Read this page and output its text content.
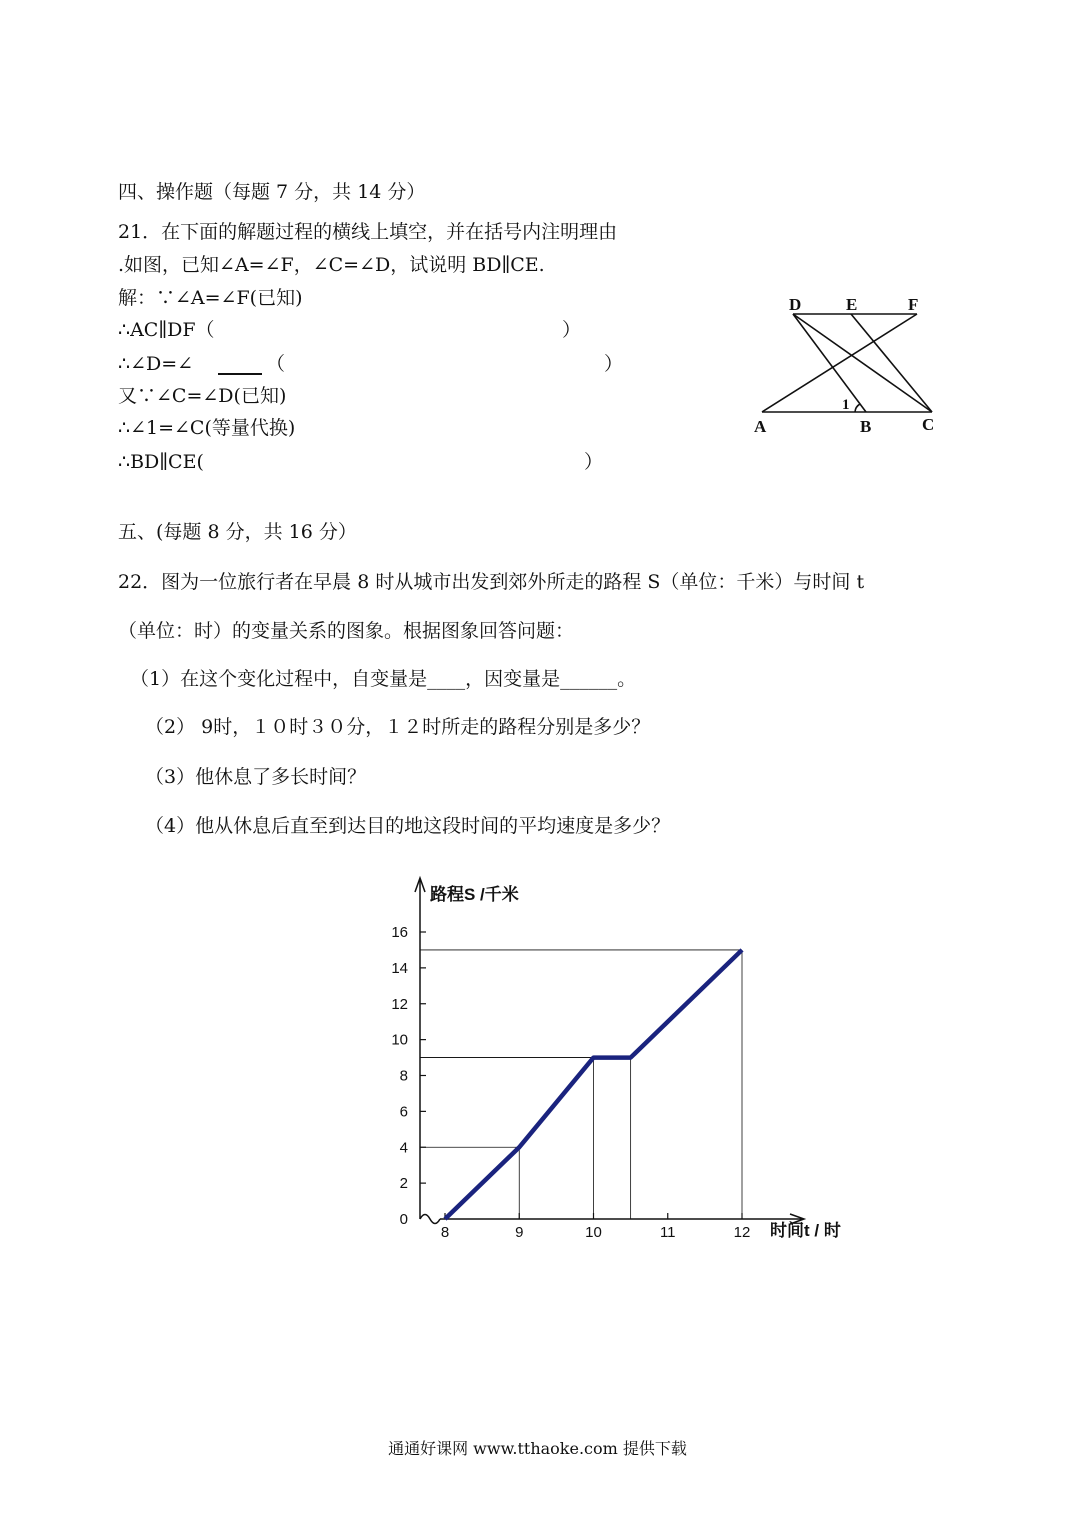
四、操作题（每题 7 分，共 14 分）
21．在下面的解题过程的横线上填空，并在括号内注明理由
.如图，已知∠A=∠F，∠C=∠D，试说明 BD∥CE.
解：∵∠A=∠F(已知)
∴AC∥DF（	）
∴∠D=∠	（	）
又∵∠C=∠D(已知)
∴∠1=∠C(等量代换)
∴BD∥CE(	）
D	E	F
A	B	C
1
五、(每题 8 分，共 16 分）
22．图为一位旅行者在早晨 8 时从城市出发到郊外所走的路程 S（单位：千米）与时间 t
（单位：时）的变量关系的图象。根据图象回答问题：
（1）在这个变化过程中，自变量是____，因变量是______。
（2） 9时，１０时３０分，１２时所走的路程分别是多少？
（3）他休息了多长时间？
（4）他从休息后直至到达目的地这段时间的平均速度是多少？
0
2
4
6
8
10
12
14
16
8	9	10	11	12
路程S /千米
时间t / 时
通通好课网 www.tthaoke.com 提供下载
